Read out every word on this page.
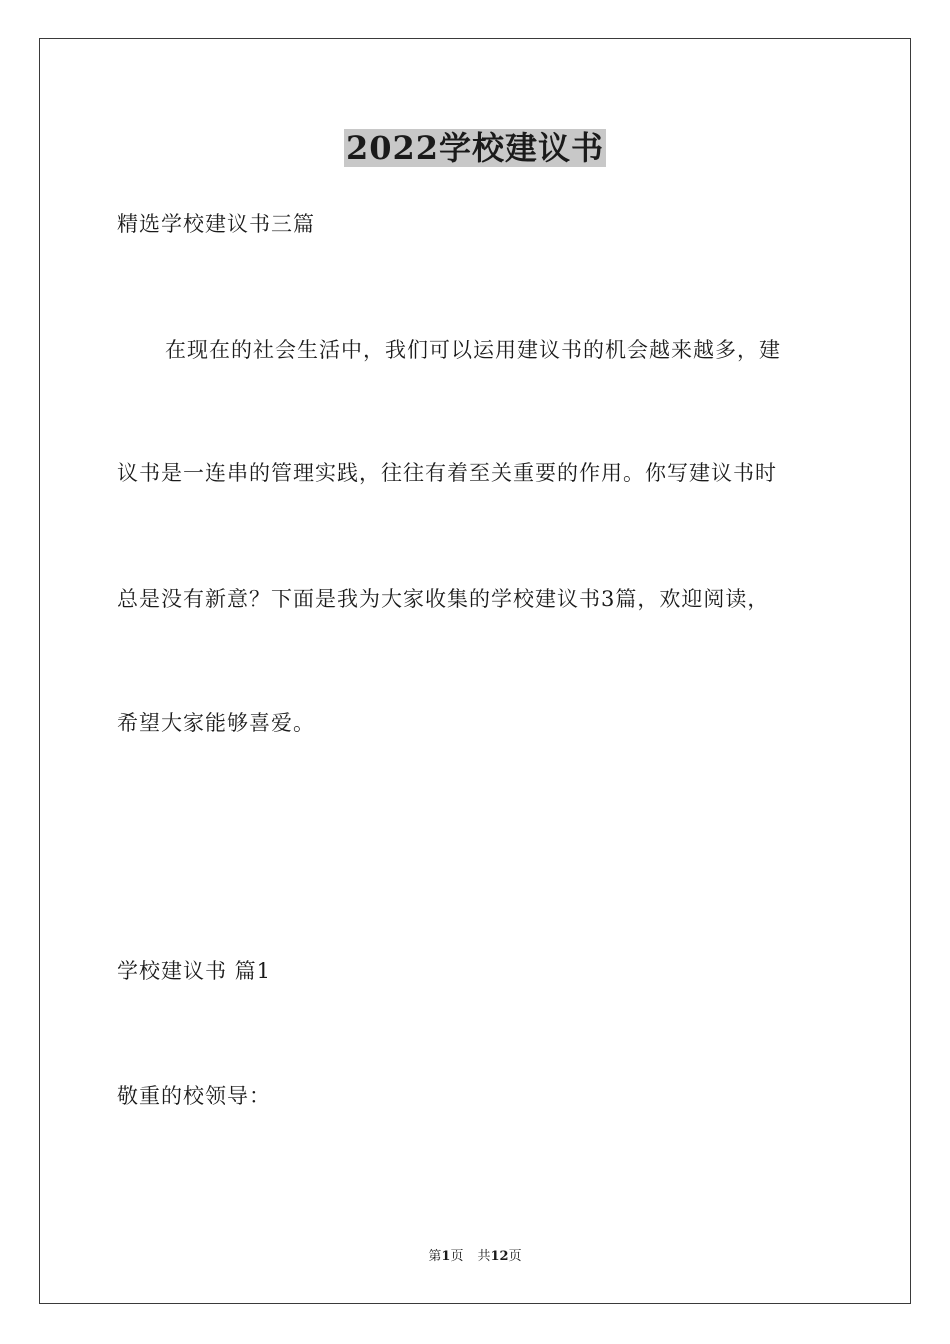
2022学校建议书

精选学校建议书三篇

在现在的社会生活中，我们可以运用建议书的机会越来越多，建

议书是一连串的管理实践，往往有着至关重要的作用。你写建议书时

总是没有新意？下面是我为大家收集的学校建议书3篇，欢迎阅读，

希望大家能够喜爱。

学校建议书 篇1

敬重的校领导：

第1页 共12页
